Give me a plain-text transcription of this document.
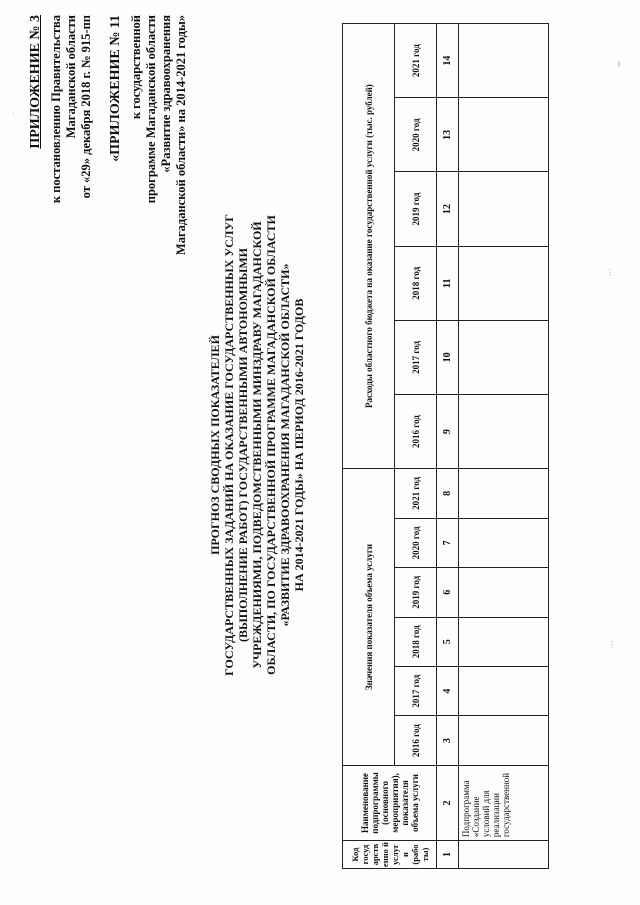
ПРИЛОЖЕНИЕ № 3 к постановлению Правительства Магаданской области от «29» декабря 2018 г. № 915-пп «ПРИЛОЖЕНИЕ № 11 к государственной программе Магаданской области «Развитие здравоохранения Магаданской области» на 2014-2021 годы»
ПРОГНОЗ СВОДНЫХ ПОКАЗАТЕЛЕЙ ГОСУДАРСТВЕННЫХ ЗАДАНИЙ НА ОКАЗАНИЕ ГОСУДАРСТВЕННЫХ УСЛУГ (ВЫПОЛНЕНИЕ РАБОТ) ГОСУДАРСТВЕННЫМИ АВТОНОМНЫМИ УЧРЕЖДЕНИЯМИ, ПОДВЕДОМСТВЕННЫМИ МИНЗДРАВУ МАГАДАНСКОЙ ОБЛАСТИ, ПО ГОСУДАРСТВЕННОЙ ПРОГРАММЕ МАГАДАНСКОЙ ОБЛАСТИ «РАЗВИТИЕ ЗДРАВООХРАНЕНИЯ МАГАДАНСКОЙ ОБЛАСТИ» НА 2014-2021 ГОДЫ» НА ПЕРИОД 2016-2021 ГОДОВ
Код госуд арств енно й услуг и (рабо ты)	Наименование подпрограммы (основного мероприятия), показателя объема услуги	Значения показателя объема услуги						Расходы областного бюджета на оказание государственной услуги (тыс. рублей)					
		2016 год	2017 год	2018 год	2019 год	2020 год	2021 год	2016 год	2017 год	2018 год	2019 год	2020 год	2021 год
1	2	3	4	5	6	7	8	9	10	11	12	13	14
	Подпрограмма «Создание условий для реализации государственной												
‖
⋮
⋮
·
